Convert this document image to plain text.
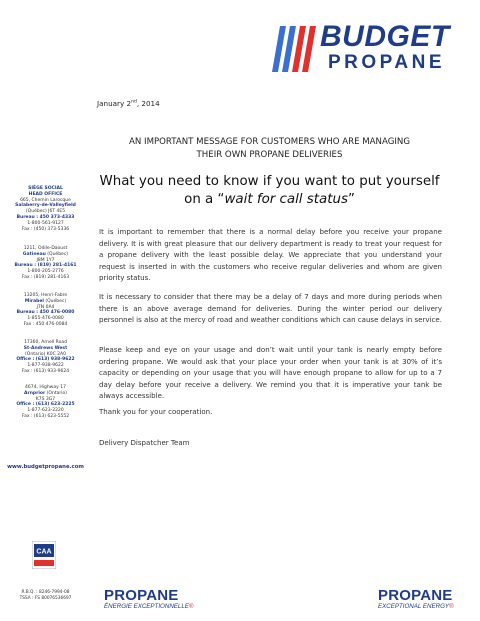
BUDGET
PROPANE
January 2nd, 2014
AN IMPORTANT MESSAGE FOR CUSTOMERS WHO ARE MANAGING
THEIR OWN PROPANE DELIVERIES
What you need to know if you want to put yourself
on a “wait for call status”
It is important to remember that there is a normal delay before you receive your propane delivery. It is with great pleasure that our delivery department is ready to treat your request for a propane delivery with the least possible delay. We appreciate that you understand your request is inserted in with the customers who receive regular deliveries and whom are given priority status.
It is necessary to consider that there may be a delay of 7 days and more during periods when there is an above average demand for deliveries. During the winter period our delivery personnel is also at the mercy of road and weather conditions which can cause delays in service.
Please keep and eye on your usage and don’t wait until your tank is nearly empty before ordering propane. We would ask that your place your order when your tank is at 30% of it’s capacity or depending on your usage that you will have enough propane to allow for up to a 7 day delay before your receive a delivery. We remind you that it is imperative your tank be always accessible.
Thank you for your cooperation.
Delivery Dispatcher Team
SIÈGE SOCIAL
HEAD OFFICE
665, Chemin Larocque
Salaberry-de-Valleyfield
(Québec) J6T 4E5
Bureau : 450 373-4333
1-800-561-9127
Fax : (450) 373-5336
1211, Odile-Daoust
Gatineau (Québec)
J8M 1Y7
Bureau : (819) 281-4161
1-800-205-2776
Fax : (819) 281-4163
13205, Henri-Fabre
Mirabel (Québec)
J7N 0A4
Bureau : 450 476-0080
1-855-476-0080
Fax : 450 476-0084
17360, Arnell Road
St-Andrews West
(Ontario) K0C 2A0
Office : (613) 938-9622
1-877-938-9622
Fax : (613) 933-9624
4674, Highway 17
Arnprior (Ontario)
K7S 3G7
Office : (613) 623-2225
1-877-623-2220
Fax : (613) 623-5552
www.budgetpropane.com
CAA
R.B.Q. : 8246-7994-08
TSSA : FS 80076536697	PROPANE
ÉNERGIE EXCEPTIONNELLE®
PROPANE
EXCEPTIONAL ENERGY®
